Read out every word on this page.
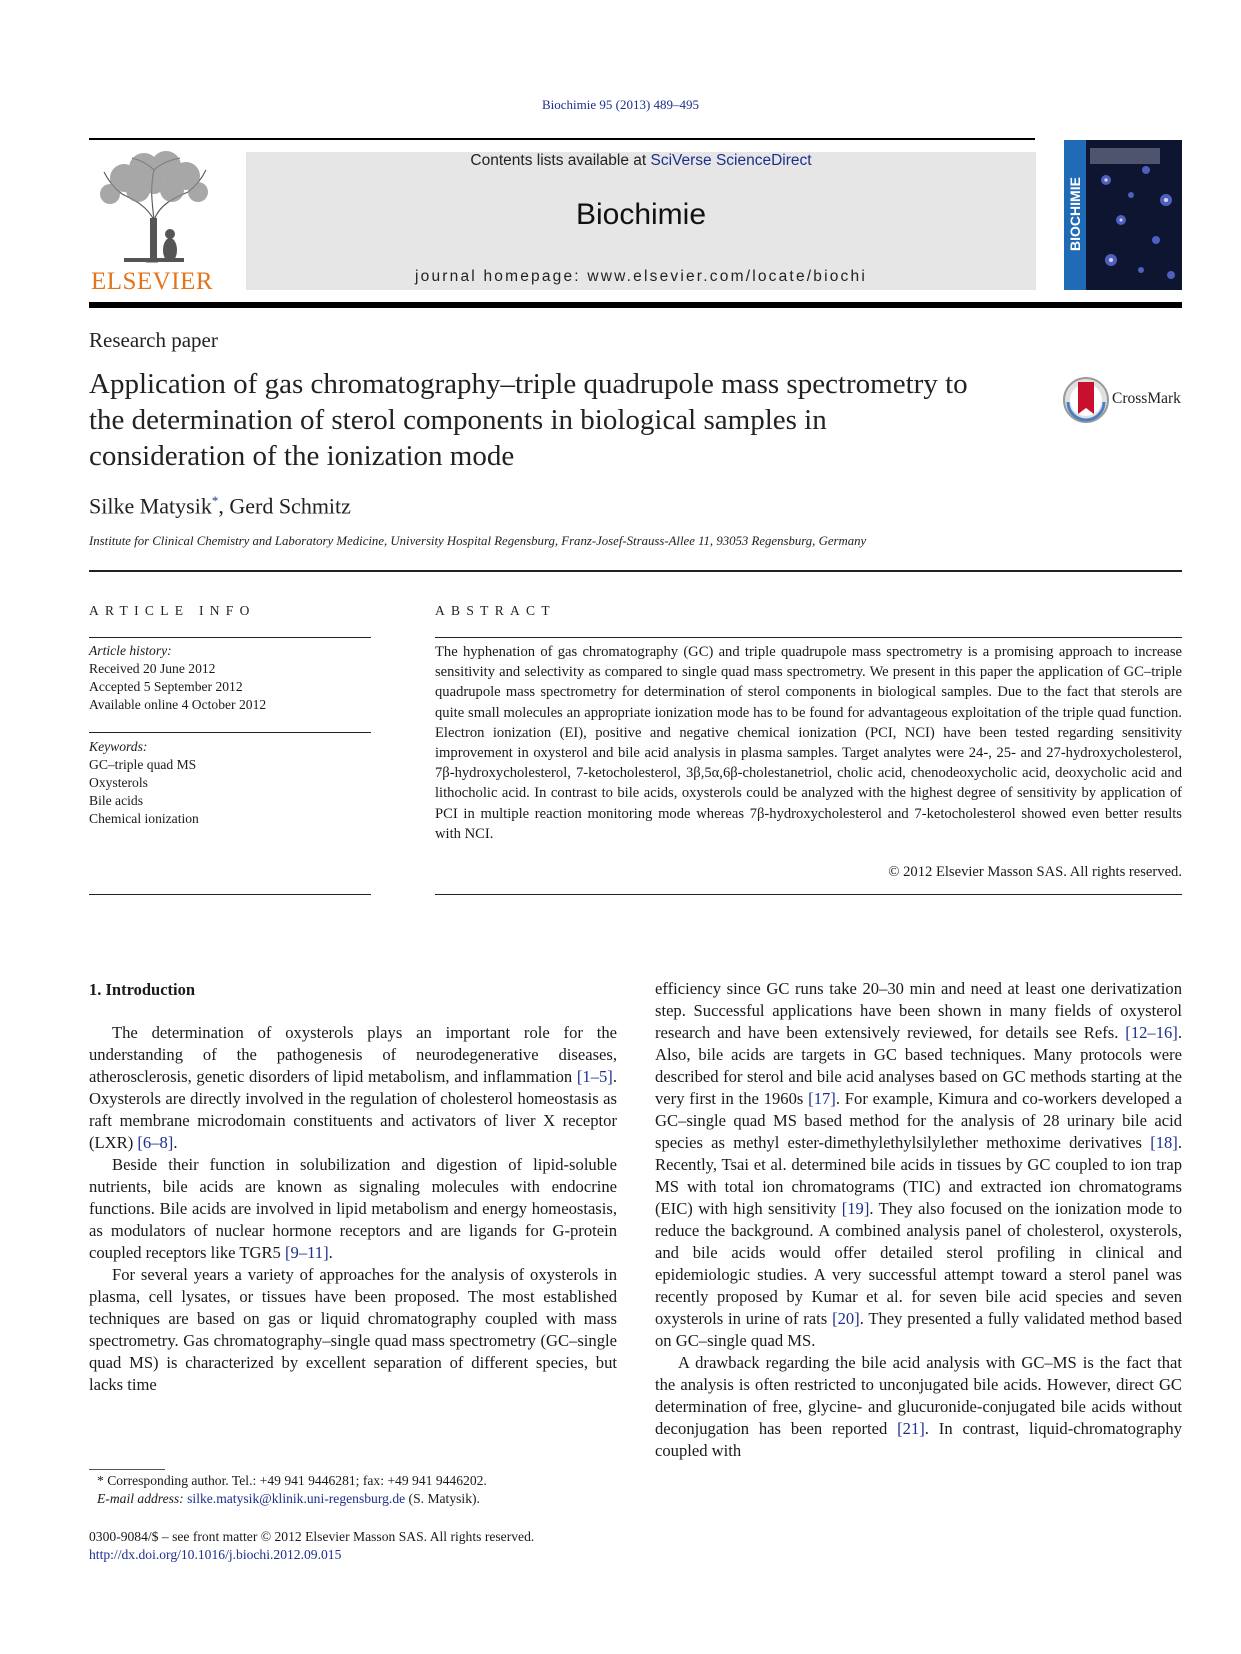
Biochimie 95 (2013) 489–495
ELSEVIER
Contents lists available at SciVerse ScienceDirect
Biochimie
journal homepage: www.elsevier.com/locate/biochi
BIOCHIMIE
Research paper
Application of gas chromatography–triple quadrupole mass spectrometry to the determination of sterol components in biological samples in consideration of the ionization mode
CrossMark
Silke Matysik*, Gerd Schmitz
Institute for Clinical Chemistry and Laboratory Medicine, University Hospital Regensburg, Franz-Josef-Strauss-Allee 11, 93053 Regensburg, Germany
ARTICLE INFO
Article history:
Received 20 June 2012
Accepted 5 September 2012
Available online 4 October 2012
Keywords:
GC–triple quad MS
Oxysterols
Bile acids
Chemical ionization
ABSTRACT
The hyphenation of gas chromatography (GC) and triple quadrupole mass spectrometry is a promising approach to increase sensitivity and selectivity as compared to single quad mass spectrometry. We present in this paper the application of GC–triple quadrupole mass spectrometry for determination of sterol components in biological samples. Due to the fact that sterols are quite small molecules an appropriate ionization mode has to be found for advantageous exploitation of the triple quad function. Electron ionization (EI), positive and negative chemical ionization (PCI, NCI) have been tested regarding sensitivity improvement in oxysterol and bile acid analysis in plasma samples. Target analytes were 24-, 25- and 27-hydroxycholesterol, 7β-hydroxycholesterol, 7-ketocholesterol, 3β,5α,6β-cholestanetriol, cholic acid, chenodeoxycholic acid, deoxycholic acid and lithocholic acid. In contrast to bile acids, oxysterols could be analyzed with the highest degree of sensitivity by application of PCI in multiple reaction monitoring mode whereas 7β-hydroxycholesterol and 7-ketocholesterol showed even better results with NCI.
© 2012 Elsevier Masson SAS. All rights reserved.
1. Introduction

The determination of oxysterols plays an important role for the understanding of the pathogenesis of neurodegenerative diseases, atherosclerosis, genetic disorders of lipid metabolism, and inflammation [1–5]. Oxysterols are directly involved in the regulation of cholesterol homeostasis as raft membrane microdomain constituents and activators of liver X receptor (LXR) [6–8].

Beside their function in solubilization and digestion of lipid-soluble nutrients, bile acids are known as signaling molecules with endocrine functions. Bile acids are involved in lipid metabolism and energy homeostasis, as modulators of nuclear hormone receptors and are ligands for G-protein coupled receptors like TGR5 [9–11].

For several years a variety of approaches for the analysis of oxysterols in plasma, cell lysates, or tissues have been proposed. The most established techniques are based on gas or liquid chromatography coupled with mass spectrometry. Gas chromatography–single quad mass spectrometry (GC–single quad MS) is characterized by excellent separation of different species, but lacks time

efficiency since GC runs take 20–30 min and need at least one derivatization step. Successful applications have been shown in many fields of oxysterol research and have been extensively reviewed, for details see Refs. [12–16]. Also, bile acids are targets in GC based techniques. Many protocols were described for sterol and bile acid analyses based on GC methods starting at the very first in the 1960s [17]. For example, Kimura and co-workers developed a GC–single quad MS based method for the analysis of 28 urinary bile acid species as methyl ester-dimethylethylsilylether methoxime derivatives [18]. Recently, Tsai et al. determined bile acids in tissues by GC coupled to ion trap MS with total ion chromatograms (TIC) and extracted ion chromatograms (EIC) with high sensitivity [19]. They also focused on the ionization mode to reduce the background. A combined analysis panel of cholesterol, oxysterols, and bile acids would offer detailed sterol profiling in clinical and epidemiologic studies. A very successful attempt toward a sterol panel was recently proposed by Kumar et al. for seven bile acid species and seven oxysterols in urine of rats [20]. They presented a fully validated method based on GC–single quad MS.

A drawback regarding the bile acid analysis with GC–MS is the fact that the analysis is often restricted to unconjugated bile acids. However, direct GC determination of free, glycine- and glucuronide-conjugated bile acids without deconjugation has been reported [21]. In contrast, liquid-chromatography coupled with

* Corresponding author. Tel.: +49 941 9446281; fax: +49 941 9446202.
E-mail address: silke.matysik@klinik.uni-regensburg.de (S. Matysik).
0300-9084/$ – see front matter © 2012 Elsevier Masson SAS. All rights reserved.
http://dx.doi.org/10.1016/j.biochi.2012.09.015
